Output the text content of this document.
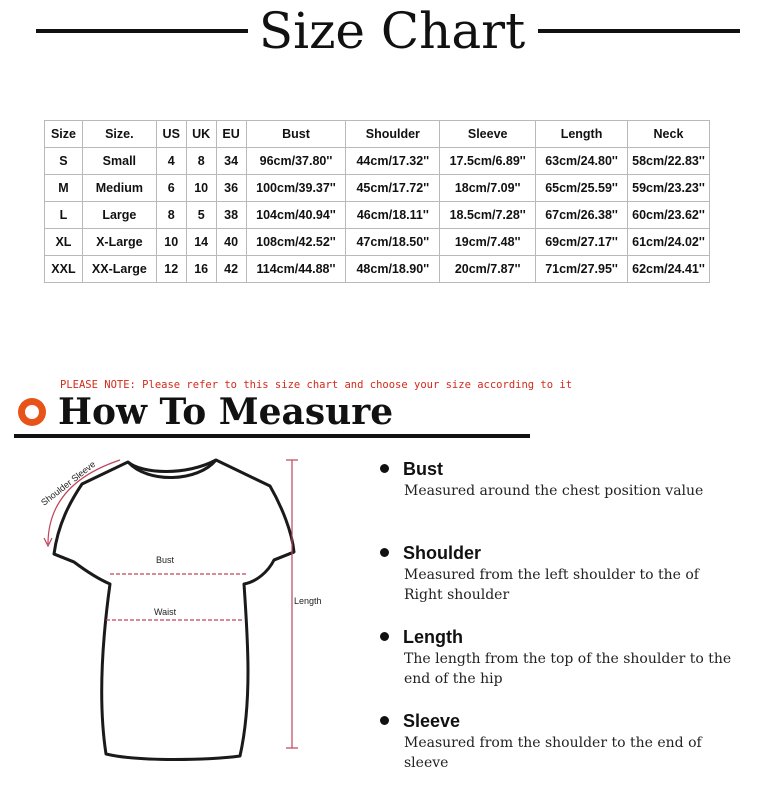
Size Chart
Size	Size.	US	UK	EU	Bust	Shoulder	Sleeve	Length	Neck
S	Small	4	8	34	96cm/37.80''	44cm/17.32''	17.5cm/6.89''	63cm/24.80''	58cm/22.83''
M	Medium	6	10	36	100cm/39.37''	45cm/17.72''	18cm/7.09''	65cm/25.59''	59cm/23.23''
L	Large	8	5	38	104cm/40.94''	46cm/18.11''	18.5cm/7.28''	67cm/26.38''	60cm/23.62''
XL	X-Large	10	14	40	108cm/42.52''	47cm/18.50''	19cm/7.48''	69cm/27.17''	61cm/24.02''
XXL	XX-Large	12	16	42	114cm/44.88''	48cm/18.90''	20cm/7.87''	71cm/27.95''	62cm/24.41''
PLEASE NOTE: Please refer to this size chart and choose your size according to it
How To Measure
Shoulder Sleeve
Bust
Waist
Length
Bust
Measured around the chest position value
Shoulder
Measured from the left shoulder to the of Right shoulder
Length
The length from the top of the shoulder to the end of the hip
Sleeve
Measured from the shoulder to the end of sleeve
